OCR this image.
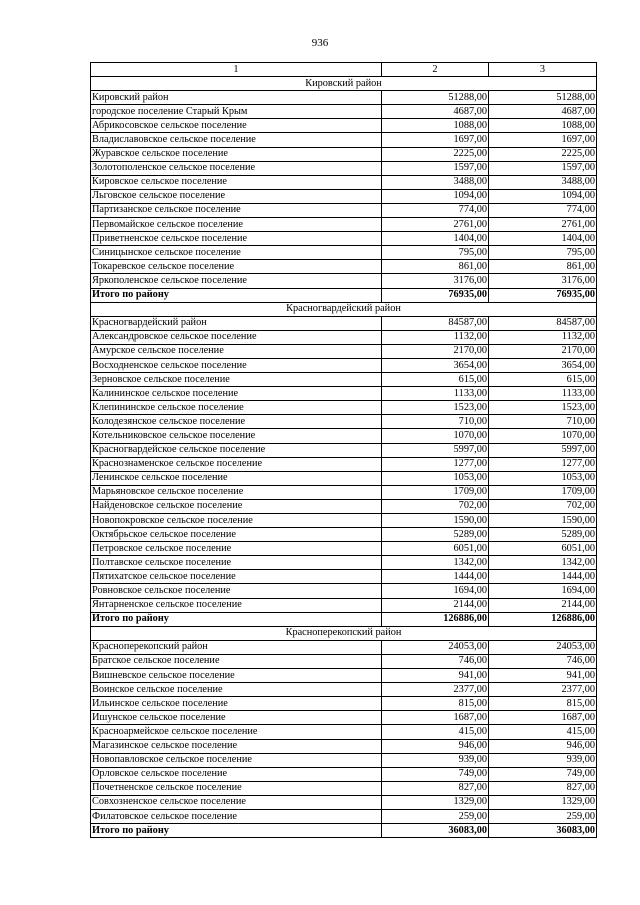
936
1	2	3
Кировский район		
Кировский район	51288,00	51288,00
городское поселение Старый Крым	4687,00	4687,00
Абрикосовское сельское поселение	1088,00	1088,00
Владиславовское сельское поселение	1697,00	1697,00
Журавское сельское поселение	2225,00	2225,00
Золотополенское сельское поселение	1597,00	1597,00
Кировское сельское поселение	3488,00	3488,00
Льговское сельское поселение	1094,00	1094,00
Партизанское сельское поселение	774,00	774,00
Первомайское сельское поселение	2761,00	2761,00
Приветненское сельское поселение	1404,00	1404,00
Синицынское сельское поселение	795,00	795,00
Токаревское сельское поселение	861,00	861,00
Яркополенское сельское поселение	3176,00	3176,00
Итого по району	76935,00	76935,00
Красногвардейский район		
Красногвардейский район	84587,00	84587,00
Александровское сельское поселение	1132,00	1132,00
Амурское сельское поселение	2170,00	2170,00
Восходненское сельское поселение	3654,00	3654,00
Зерновское сельское поселение	615,00	615,00
Калининское сельское поселение	1133,00	1133,00
Клепининское сельское поселение	1523,00	1523,00
Колодезянское сельское поселение	710,00	710,00
Котельниковское сельское поселение	1070,00	1070,00
Красногвардейское сельское поселение	5997,00	5997,00
Краснознаменское сельское поселение	1277,00	1277,00
Ленинское сельское поселение	1053,00	1053,00
Марьяновское сельское поселение	1709,00	1709,00
Найденовское сельское поселение	702,00	702,00
Новопокровское сельское поселение	1590,00	1590,00
Октябрьское сельское поселение	5289,00	5289,00
Петровское сельское поселение	6051,00	6051,00
Полтавское сельское поселение	1342,00	1342,00
Пятихатское сельское поселение	1444,00	1444,00
Ровновское сельское поселение	1694,00	1694,00
Янтарненское сельское поселение	2144,00	2144,00
Итого по району	126886,00	126886,00
Красноперекопский район		
Красноперекопский район	24053,00	24053,00
Братское сельское поселение	746,00	746,00
Вишневское сельское поселение	941,00	941,00
Воинское сельское поселение	2377,00	2377,00
Ильинское сельское поселение	815,00	815,00
Ишунское сельское поселение	1687,00	1687,00
Красноармейское сельское поселение	415,00	415,00
Магазинское сельское поселение	946,00	946,00
Новопавловское сельское поселение	939,00	939,00
Орловское сельское поселение	749,00	749,00
Почетненское сельское поселение	827,00	827,00
Совхозненское сельское поселение	1329,00	1329,00
Филатовское сельское поселение	259,00	259,00
Итого по району	36083,00	36083,00
